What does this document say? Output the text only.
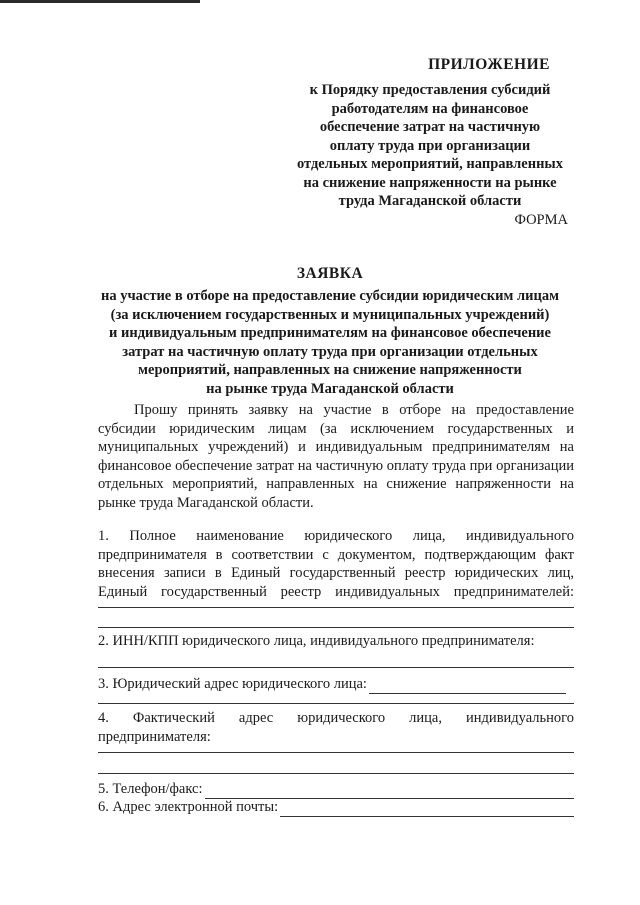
ПРИЛОЖЕНИЕ
к Порядку предоставления субсидий
работодателям на финансовое
обеспечение затрат на частичную
оплату труда при организации
отдельных мероприятий, направленных
на снижение напряженности на рынке
труда Магаданской области
ФОРМА
ЗАЯВКА
на участие в отборе на предоставление субсидии юридическим лицам
(за исключением государственных и муниципальных учреждений)
и индивидуальным предпринимателям на финансовое обеспечение
затрат на частичную оплату труда при организации отдельных
мероприятий, направленных на снижение напряженности
на рынке труда Магаданской области
Прошу принять заявку на участие в отборе на предоставление субсидии юридическим лицам (за исключением государственных и муниципальных учреждений) и индивидуальным предпринимателям на финансовое обеспечение затрат на частичную оплату труда при организации отдельных мероприятий, направленных на снижение напряженности на рынке труда Магаданской области.
1. Полное наименование юридического лица, индивидуального
предпринимателя в соответствии с документом, подтверждающим факт
внесения записи в Единый государственный реестр юридических лиц,
Единый государственный реестр индивидуальных предпринимателей:
2. ИНН/КПП юридического лица, индивидуального предпринимателя:
3. Юридический адрес юридического лица:
4. Фактический адрес юридического лица, индивидуального
предпринимателя:
5. Телефон/факс:
6. Адрес электронной почты:
